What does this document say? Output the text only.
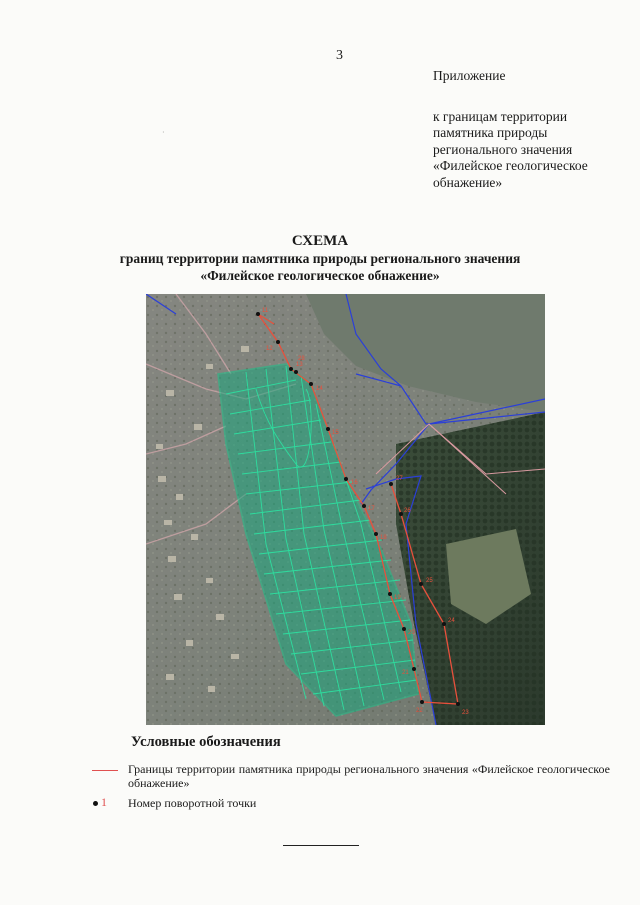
3
·
Приложение
к границам территории
памятника природы
регионального значения
«Филейское геологическое
обнажение»
СХЕМА
границ территории памятника природы регионального значения
«Филейское геологическое обнажение»
11
12
13
14
15
16
17
18
19
20
21
22	23
24
25
26
27
28
Условные обозначения
Границы территории памятника природы регионального значения «Филейское геологическое обнажение»
1 Номер поворотной точки
